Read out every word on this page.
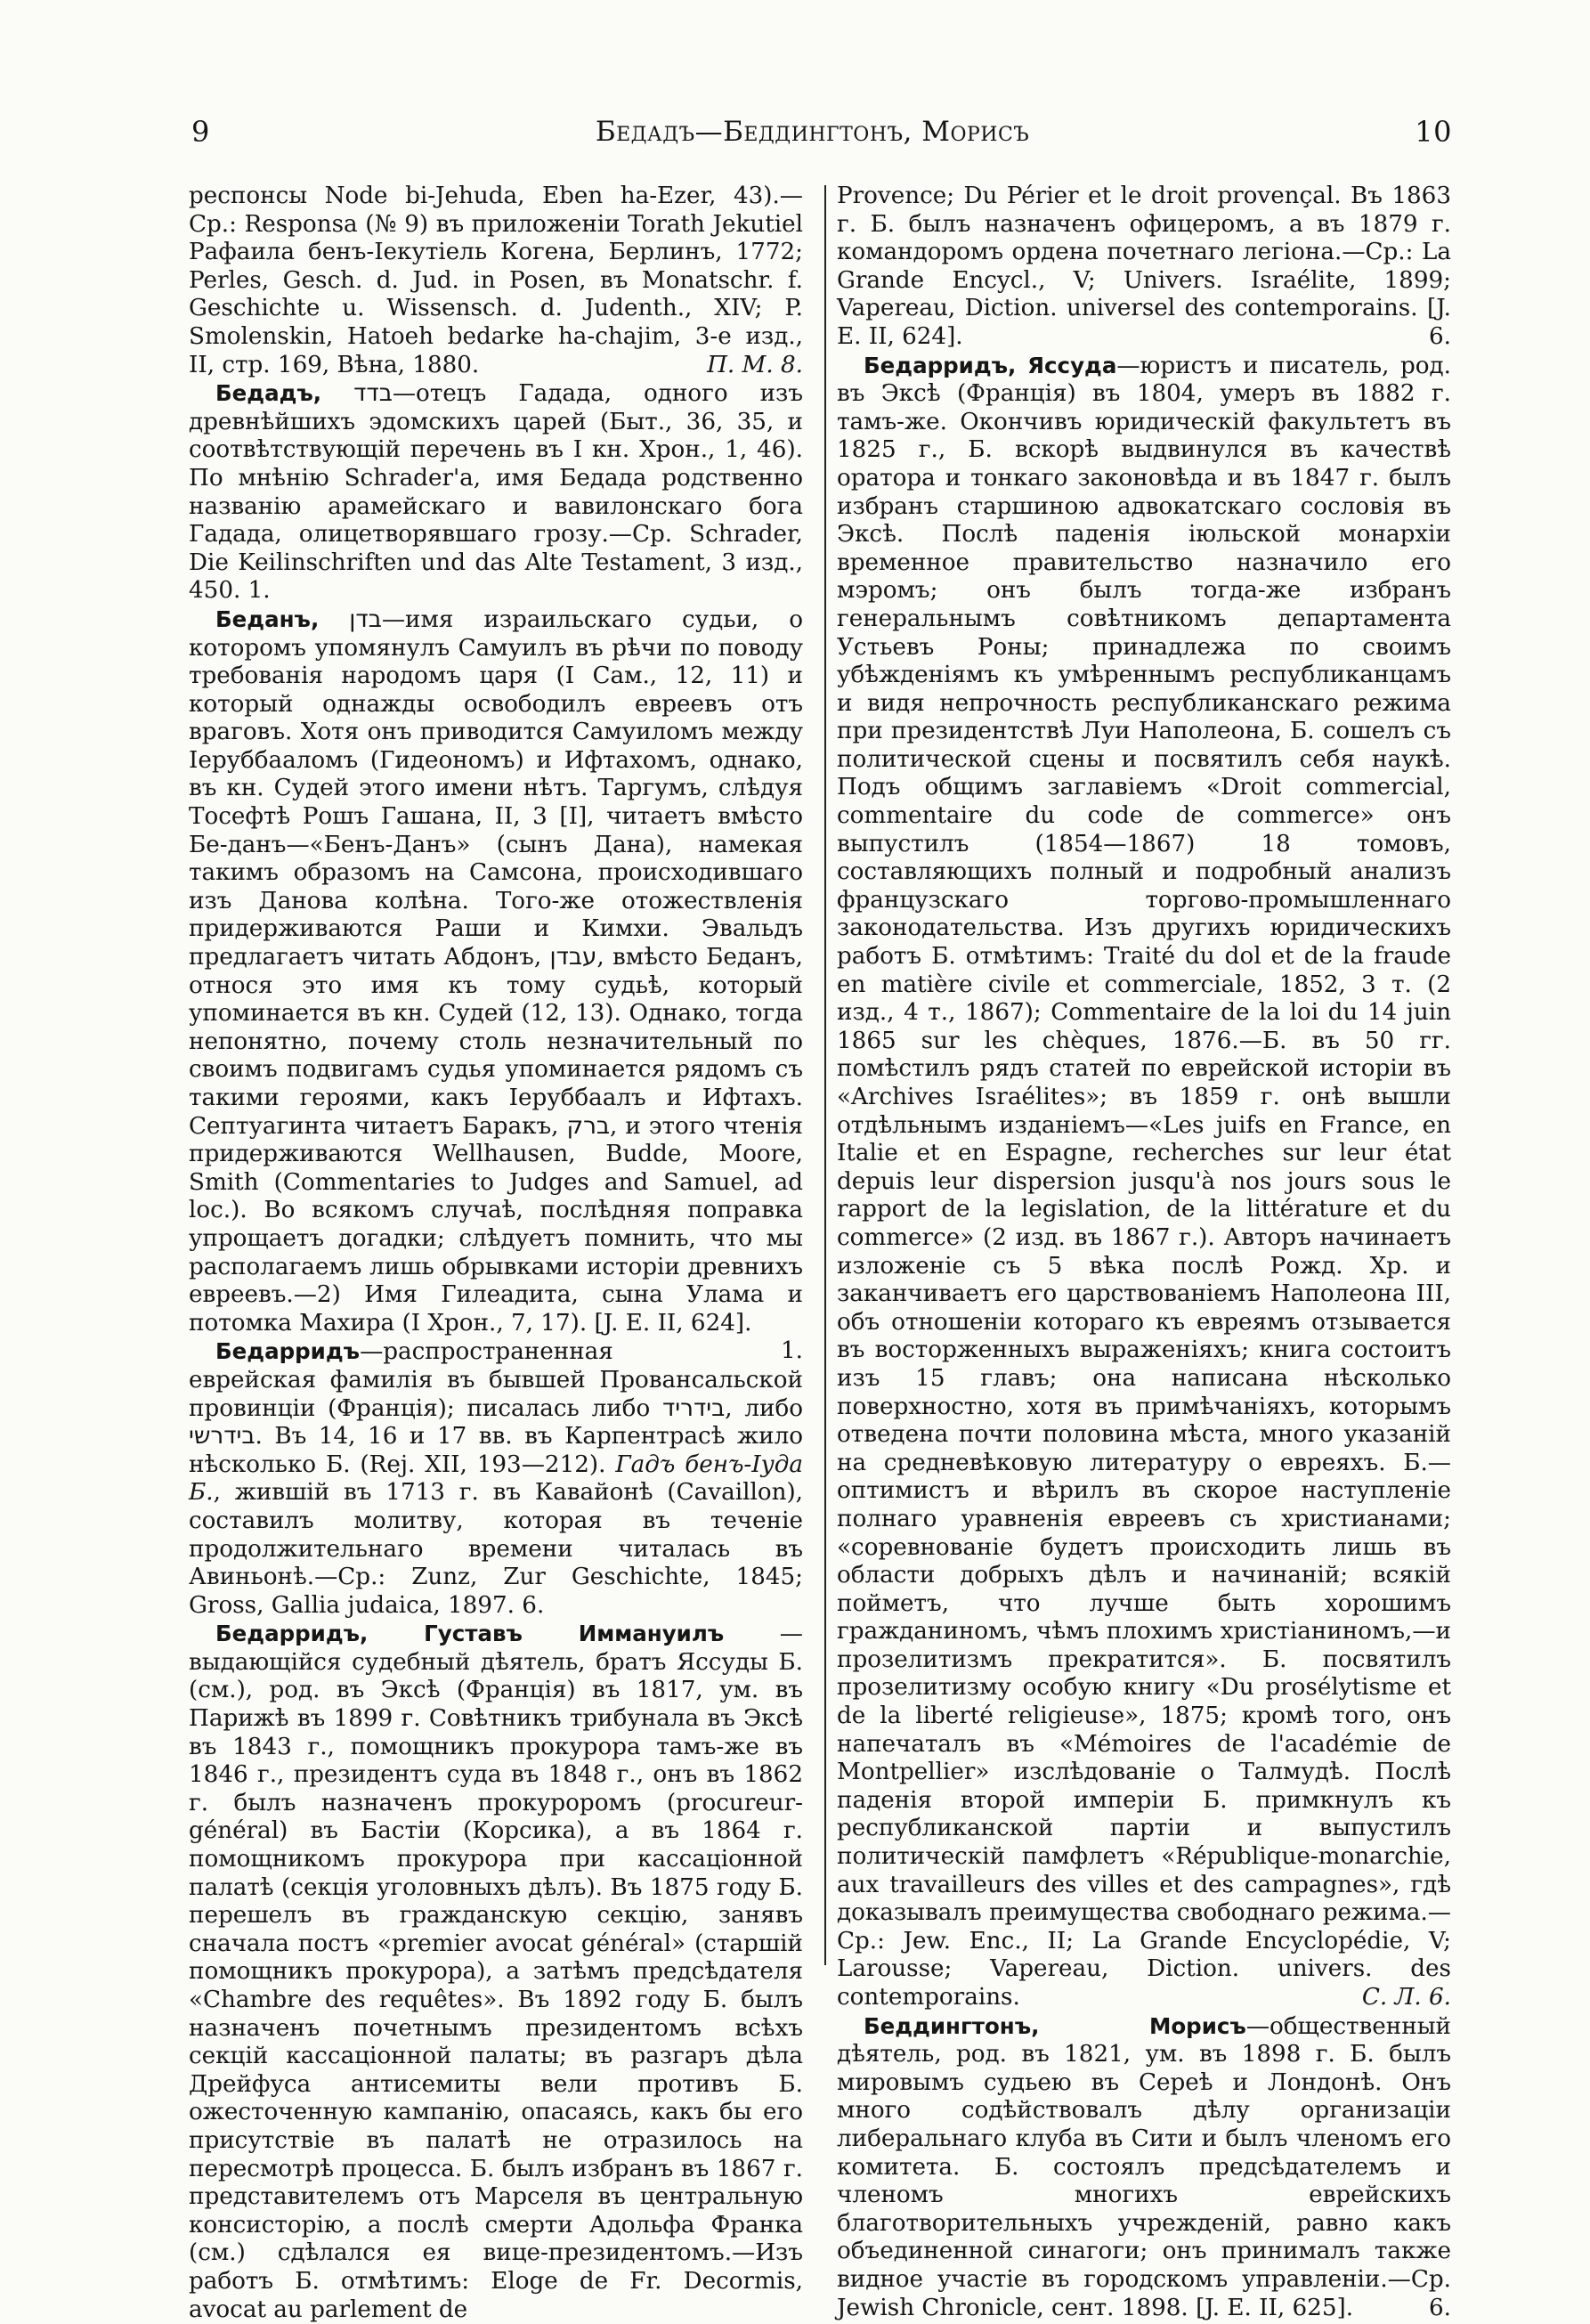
9	Бедадъ—Беддингтонъ, Морисъ	10

респонсы Node bi-Jehuda, Eben ha-Ezer, 43).— Ср.: Responsa (№ 9) въ приложенiи Torath Jekutiel Рафаила бенъ-Iекутiель Когена, Берлинъ, 1772; Perles, Gesch. d. Jud. in Posen, въ Monatschr. f. Geschichte u. Wissensch. d. Judenth., XIV; P. Smolenskin, Hatoeh bedarke ha-chajim, 3-е изд., II, стр. 169, Вѣна, 1880.	П. М. 8.

Бедадъ, בדד—отецъ Гадада, одного изъ древнѣйшихъ эдомскихъ царей (Быт., 36, 35, и соотвѣтствующiй перечень въ I кн. Хрон., 1, 46). По мнѣнiю Schrader'a, имя Бедада родственно названiю арамейскаго и вавилонскаго бога Гадада, олицетворявшаго грозу.—Ср. Schrader, Die Keilinschriften und das Alte Testament, 3 изд., 450. 1.

Беданъ, בדן—имя израильскаго судьи, о которомъ упомянулъ Самуилъ въ рѣчи по поводу требованiя народомъ царя (I Сам., 12, 11) и который однажды освободилъ евреевъ отъ враговъ. Хотя онъ приводится Самуиломъ между Iеруббааломъ (Гидеономъ) и Ифтахомъ, однако, въ кн. Судей этого имени нѣтъ. Таргумъ, слѣдуя Тосефтѣ Рошъ Гашана, II, 3 [I], читаетъ вмѣсто Бе-данъ—«Бенъ-Данъ» (сынъ Дана), намекая такимъ образомъ на Самсона, происходившаго изъ Данова колѣна. Того-же отожествленiя придерживаются Раши и Кимхи. Эвальдъ предлагаетъ читать Абдонъ, עבדן, вмѣсто Беданъ, относя это имя къ тому судьѣ, который упоминается въ кн. Судей (12, 13). Однако, тогда непонятно, почему столь незначительный по своимъ подвигамъ судья упоминается рядомъ съ такими героями, какъ Iеруббаалъ и Ифтахъ. Септуагинта читаетъ Баракъ, ברק, и этого чтенiя придерживаются Wellhausen, Budde, Moore, Smith (Commentaries to Judges and Samuel, ad loc.). Во всякомъ случаѣ, послѣдняя поправка упрощаетъ догадки; слѣдуетъ помнить, что мы располагаемъ лишь обрывками исторiи древнихъ евреевъ.—2) Имя Гилеадита, сына Улама и потомка Махира (I Хрон., 7, 17). [J. E. II, 624].
1.

Бедарридъ—распространенная еврейская фамилiя въ бывшей Провансальской провинцiи (Францiя); писалась либо בידריד, либо בידרשי. Въ 14, 16 и 17 вв. въ Карпентрасѣ жило нѣсколько Б. (Rej. XII, 193—212). Гадъ бенъ-Iуда Б., жившiй въ 1713 г. въ Кавайонѣ (Cavaillon), составилъ молитву, которая въ теченiе продолжительнаго времени читалась въ Авиньонѣ.—Ср.: Zunz, Zur Geschichte, 1845; Gross, Gallia judaica, 1897. 6.

Бедарридъ, Густавъ Иммануилъ — выдающiйся судебный дѣятель, братъ Яссуды Б. (см.), род. въ Эксѣ (Францiя) въ 1817, ум. въ Парижѣ въ 1899 г. Совѣтникъ трибунала въ Эксѣ въ 1843 г., помощникъ прокурора тамъ-же въ 1846 г., президентъ суда въ 1848 г., онъ въ 1862 г. былъ назначенъ прокуроромъ (procureur-général) въ Бастiи (Корсика), а въ 1864 г. помощникомъ прокурора при кассацiонной палатѣ (секцiя уголовныхъ дѣлъ). Въ 1875 году Б. перешелъ въ гражданскую секцiю, занявъ сначала постъ «premier avocat général» (старшiй помощникъ прокурора), а затѣмъ предсѣдателя «Chambre des requêtes». Въ 1892 году Б. былъ назначенъ почетнымъ президентомъ всѣхъ секцiй кассацiонной палаты; въ разгаръ дѣла Дрейфуса антисемиты вели противъ Б. ожесточенную кампанiю, опасаясь, какъ бы его присутствiе въ палатѣ не отразилось на пересмотрѣ процесса. Б. былъ избранъ въ 1867 г. представителемъ отъ Марселя въ центральную консисторiю, а послѣ смерти Адольфа Франка (см.) сдѣлался ея вице-президентомъ.—Изъ работъ Б. отмѣтимъ: Eloge de Fr. Decormis, avocat au parlement de

Provence; Du Périer et le droit provençal. Въ 1863 г. Б. былъ назначенъ офицеромъ, а въ 1879 г. командоромъ ордена почетнаго легiона.—Ср.: La Grande Encycl., V; Univers. Israélite, 1899; Vapereau, Diction. universel des contemporains. [J. E. II, 624].	6.

Бедарридъ, Яссуда—юристъ и писатель, род. въ Эксѣ (Францiя) въ 1804, умеръ въ 1882 г. тамъ-же. Окончивъ юридическiй факультетъ въ 1825 г., Б. вскорѣ выдвинулся въ качествѣ оратора и тонкаго законовѣда и въ 1847 г. былъ избранъ старшиною адвокатскаго сословiя въ Эксѣ. Послѣ паденiя iюльской монархiи временное правительство назначило его мэромъ; онъ былъ тогда-же избранъ генеральнымъ совѣтникомъ департамента Устьевъ Роны; принадлежа по своимъ убѣжденiямъ къ умѣреннымъ республиканцамъ и видя непрочность республиканскаго режима при президентствѣ Луи Наполеона, Б. сошелъ съ политической сцены и посвятилъ себя наукѣ. Подъ общимъ заглавiемъ «Droit commercial, commentaire du code de commerce» онъ выпустилъ (1854—1867) 18 томовъ, составляющихъ полный и подробный анализъ французскаго торгово-промышленнаго законодательства. Изъ другихъ юридическихъ работъ Б. отмѣтимъ: Traité du dol et de la fraude en matière civile et commerciale, 1852, 3 т. (2 изд., 4 т., 1867); Commentaire de la loi du 14 juin 1865 sur les chèques, 1876.—Б. въ 50 гг. помѣстилъ рядъ статей по еврейской исторiи въ «Archives Israélites»; въ 1859 г. онѣ вышли отдѣльнымъ изданiемъ—«Les juifs en France, en Italie et en Espagne, recherches sur leur état depuis leur dispersion jusqu'à nos jours sous le rapport de la legislation, de la littérature et du commerce» (2 изд. въ 1867 г.). Авторъ начинаетъ изложенiе съ 5 вѣка послѣ Рожд. Хр. и заканчиваетъ его царствованiемъ Наполеона III, объ отношенiи котораго къ евреямъ отзывается въ восторженныхъ выраженiяхъ; книга состоитъ изъ 15 главъ; она написана нѣсколько поверхностно, хотя въ примѣчанiяхъ, которымъ отведена почти половина мѣста, много указанiй на средневѣковую литературу о евреяхъ. Б.—оптимистъ и вѣрилъ въ скорое наступленiе полнаго уравненiя евреевъ съ христианами; «соревнованiе будетъ происходить лишь въ области добрыхъ дѣлъ и начинанiй; всякiй пойметъ, что лучше быть хорошимъ гражданиномъ, чѣмъ плохимъ христiаниномъ,—и прозелитизмъ прекратится». Б. посвятилъ прозелитизму особую книгу «Du prosélytisme et de la liberté religieuse», 1875; кромѣ того, онъ напечаталъ въ «Mémoires de l'académie de Montpellier» изслѣдованiе о Талмудѣ. Послѣ паденiя второй имперiи Б. примкнулъ къ республиканской партiи и выпустилъ политическiй памфлетъ «République-monarchie, aux travailleurs des villes et des campagnes», гдѣ доказывалъ преимущества свободнаго режима.—Ср.: Jew. Enc., II; La Grande Encyclopédie, V; Larousse; Vapereau, Diction. univers. des contemporains.	С. Л. 6.

Беддингтонъ, Морисъ—общественный дѣятель, род. въ 1821, ум. въ 1898 г. Б. былъ мировымъ судьею въ Сереѣ и Лондонѣ. Онъ много содѣйствовалъ дѣлу организацiи либеральнаго клуба въ Сити и былъ членомъ его комитета. Б. состоялъ предсѣдателемъ и членомъ многихъ еврейскихъ благотворительныхъ учрежденiй, равно какъ объединенной синагоги; онъ принималъ также видное участiе въ городскомъ управленiи.—Ср. Jewish Chronicle, сент. 1898. [J. E. II, 625].	6.
